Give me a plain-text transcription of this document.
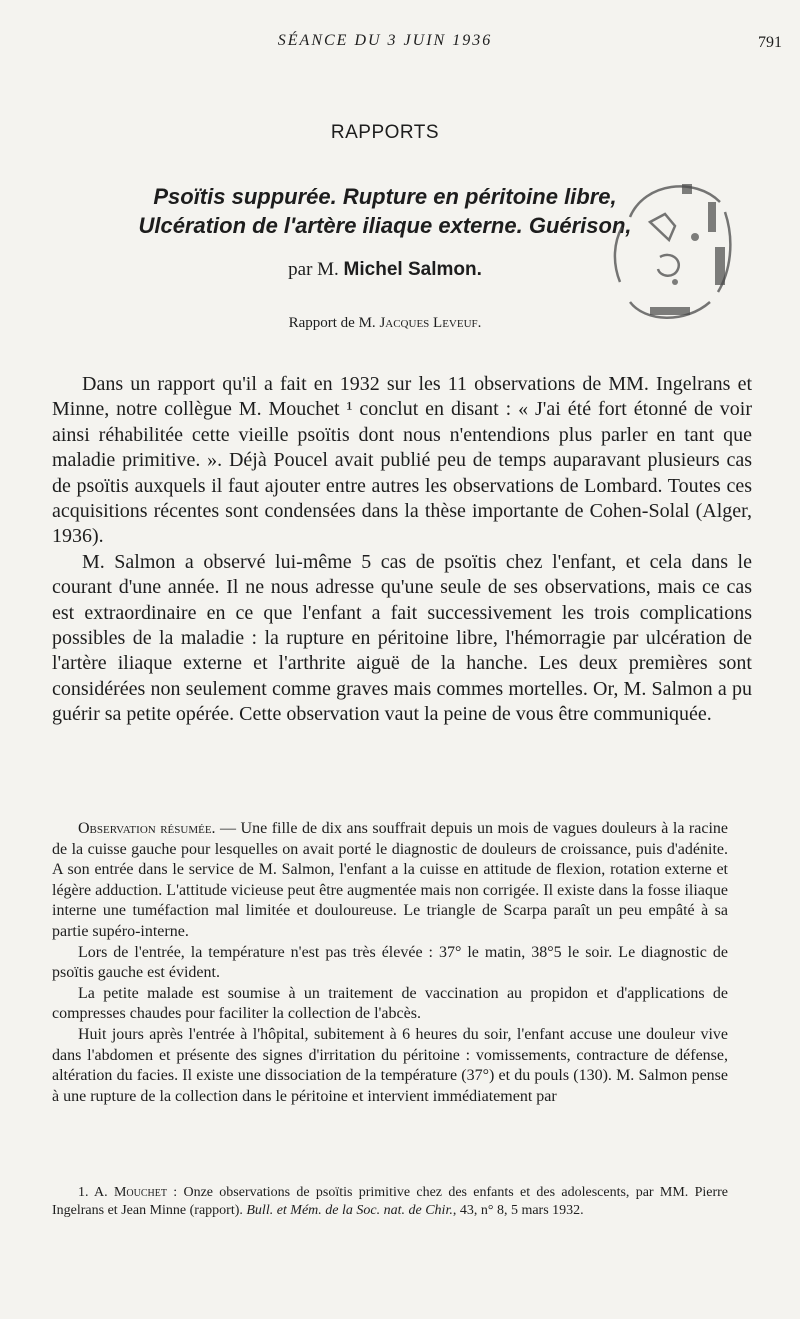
SÉANCE DU 3 JUIN 1936	791
RAPPORTS
Psoïtis suppurée. Rupture en péritoine libre,
Ulcération de l'artère iliaque externe. Guérison,
par M. Michel Salmon.
Rapport de M. Jacques Leveuf.

Dans un rapport qu'il a fait en 1932 sur les 11 observations de MM. Ingelrans et Minne, notre collègue M. Mouchet ¹ conclut en disant : « J'ai été fort étonné de voir ainsi réhabilitée cette vieille psoïtis dont nous n'entendions plus parler en tant que maladie primitive. ». Déjà Poucel avait publié peu de temps auparavant plusieurs cas de psoïtis auxquels il faut ajouter entre autres les observations de Lombard. Toutes ces acquisitions récentes sont condensées dans la thèse importante de Cohen-Solal (Alger, 1936).

M. Salmon a observé lui-même 5 cas de psoïtis chez l'enfant, et cela dans le courant d'une année. Il ne nous adresse qu'une seule de ses observations, mais ce cas est extraordinaire en ce que l'enfant a fait successivement les trois complications possibles de la maladie : la rupture en péritoine libre, l'hémorragie par ulcération de l'artère iliaque externe et l'arthrite aiguë de la hanche. Les deux premières sont considérées non seulement comme graves mais commes mortelles. Or, M. Salmon a pu guérir sa petite opérée. Cette observation vaut la peine de vous être communiquée.

Observation résumée. — Une fille de dix ans souffrait depuis un mois de vagues douleurs à la racine de la cuisse gauche pour lesquelles on avait porté le diagnostic de douleurs de croissance, puis d'adénite. A son entrée dans le service de M. Salmon, l'enfant a la cuisse en attitude de flexion, rotation externe et légère adduction. L'attitude vicieuse peut être augmentée mais non corrigée. Il existe dans la fosse iliaque interne une tuméfaction mal limitée et douloureuse. Le triangle de Scarpa paraît un peu empâté à sa partie supéro-interne.

Lors de l'entrée, la température n'est pas très élevée : 37° le matin, 38°5 le soir. Le diagnostic de psoïtis gauche est évident.

La petite malade est soumise à un traitement de vaccination au propidon et d'applications de compresses chaudes pour faciliter la collection de l'abcès.

Huit jours après l'entrée à l'hôpital, subitement à 6 heures du soir, l'enfant accuse une douleur vive dans l'abdomen et présente des signes d'irritation du péritoine : vomissements, contracture de défense, altération du facies. Il existe une dissociation de la température (37°) et du pouls (130). M. Salmon pense à une rupture de la collection dans le péritoine et intervient immédiatement par

1. A. Mouchet : Onze observations de psoïtis primitive chez des enfants et des adolescents, par MM. Pierre Ingelrans et Jean Minne (rapport). Bull. et Mém. de la Soc. nat. de Chir., 43, n° 8, 5 mars 1932.
